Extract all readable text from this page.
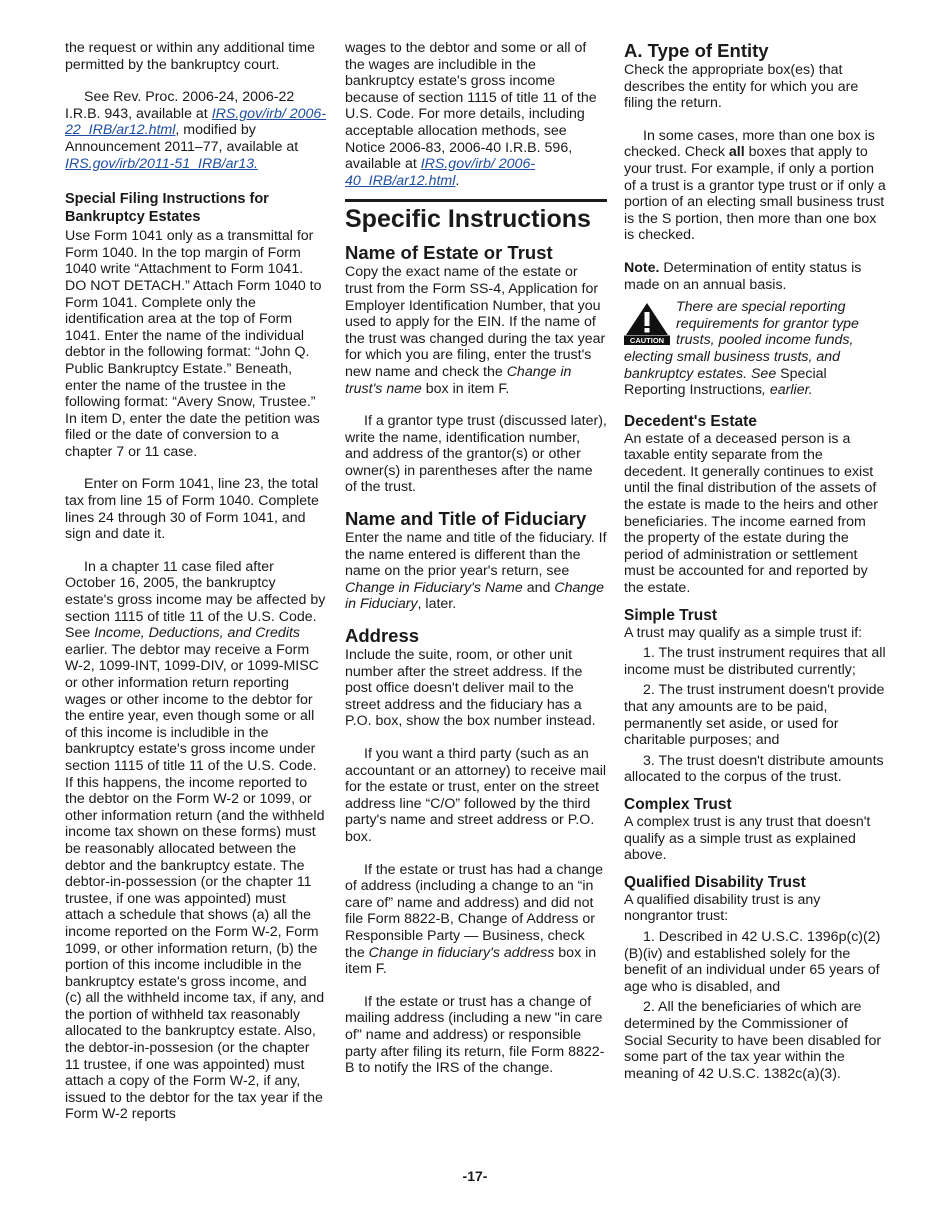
the request or within any additional time permitted by the bankruptcy court.

See Rev. Proc. 2006-24, 2006-22 I.R.B. 943, available at IRS.gov/irb/ 2006-22_IRB/ar12.html, modified by Announcement 2011–77, available at IRS.gov/irb/2011-51_IRB/ar13.

Special Filing Instructions for Bankruptcy Estates

Use Form 1041 only as a transmittal for Form 1040. In the top margin of Form 1040 write “Attachment to Form 1041. DO NOT DETACH.” Attach Form 1040 to Form 1041. Complete only the identification area at the top of Form 1041. Enter the name of the individual debtor in the following format: “John Q. Public Bankruptcy Estate.” Beneath, enter the name of the trustee in the following format: “Avery Snow, Trustee.” In item D, enter the date the petition was filed or the date of conversion to a chapter 7 or 11 case.

Enter on Form 1041, line 23, the total tax from line 15 of Form 1040. Complete lines 24 through 30 of Form 1041, and sign and date it.

In a chapter 11 case filed after October 16, 2005, the bankruptcy estate's gross income may be affected by section 1115 of title 11 of the U.S. Code. See Income, Deductions, and Credits earlier. The debtor may receive a Form W-2, 1099-INT, 1099-DIV, or 1099-MISC or other information return reporting wages or other income to the debtor for the entire year, even though some or all of this income is includible in the bankruptcy estate's gross income under section 1115 of title 11 of the U.S. Code. If this happens, the income reported to the debtor on the Form W-2 or 1099, or other information return (and the withheld income tax shown on these forms) must be reasonably allocated between the debtor and the bankruptcy estate. The debtor-in-possession (or the chapter 11 trustee, if one was appointed) must attach a schedule that shows (a) all the income reported on the Form W-2, Form 1099, or other information return, (b) the portion of this income includible in the bankruptcy estate's gross income, and (c) all the withheld income tax, if any, and the portion of withheld tax reasonably allocated to the bankruptcy estate. Also, the debtor-in-possesion (or the chapter 11 trustee, if one was appointed) must attach a copy of the Form W-2, if any, issued to the debtor for the tax year if the Form W-2 reports

wages to the debtor and some or all of the wages are includible in the bankruptcy estate's gross income because of section 1115 of title 11 of the U.S. Code. For more details, including acceptable allocation methods, see Notice 2006-83, 2006-40 I.R.B. 596, available at IRS.gov/irb/ 2006-40_IRB/ar12.html.

Specific Instructions
Name of Estate or Trust

Copy the exact name of the estate or trust from the Form SS-4, Application for Employer Identification Number, that you used to apply for the EIN. If the name of the trust was changed during the tax year for which you are filing, enter the trust's new name and check the Change in trust's name box in item F.

If a grantor type trust (discussed later), write the name, identification number, and address of the grantor(s) or other owner(s) in parentheses after the name of the trust.

Name and Title of Fiduciary

Enter the name and title of the fiduciary. If the name entered is different than the name on the prior year's return, see Change in Fiduciary's Name and Change in Fiduciary, later.

Address

Include the suite, room, or other unit number after the street address. If the post office doesn't deliver mail to the street address and the fiduciary has a P.O. box, show the box number instead.

If you want a third party (such as an accountant or an attorney) to receive mail for the estate or trust, enter on the street address line “C/O” followed by the third party's name and street address or P.O. box.

If the estate or trust has had a change of address (including a change to an “in care of” name and address) and did not file Form 8822-B, Change of Address or Responsible Party — Business, check the Change in fiduciary's address box in item F.

If the estate or trust has a change of mailing address (including a new "in care of" name and address) or responsible party after filing its return, file Form 8822-B to notify the IRS of the change.

A. Type of Entity

Check the appropriate box(es) that describes the entity for which you are filing the return.

In some cases, more than one box is checked. Check all boxes that apply to your trust. For example, if only a portion of a trust is a grantor type trust or if only a portion of an electing small business trust is the S portion, then more than one box is checked.

Note. Determination of entity status is made on an annual basis.

CAUTION

There are special reporting requirements for grantor type trusts, pooled income funds, electing small business trusts, and bankruptcy estates. See Special Reporting Instructions, earlier.

Decedent's Estate

An estate of a deceased person is a taxable entity separate from the decedent. It generally continues to exist until the final distribution of the assets of the estate is made to the heirs and other beneficiaries. The income earned from the property of the estate during the period of administration or settlement must be accounted for and reported by the estate.

Simple Trust

A trust may qualify as a simple trust if:

1. The trust instrument requires that all income must be distributed currently;

2. The trust instrument doesn't provide that any amounts are to be paid, permanently set aside, or used for charitable purposes; and

3. The trust doesn't distribute amounts allocated to the corpus of the trust.

Complex Trust

A complex trust is any trust that doesn't qualify as a simple trust as explained above.

Qualified Disability Trust

A qualified disability trust is any nongrantor trust:

1. Described in 42 U.S.C. 1396p(c)(2)(B)(iv) and established solely for the benefit of an individual under 65 years of age who is disabled, and

2. All the beneficiaries of which are determined by the Commissioner of Social Security to have been disabled for some part of the tax year within the meaning of 42 U.S.C. 1382c(a)(3).

-17-
